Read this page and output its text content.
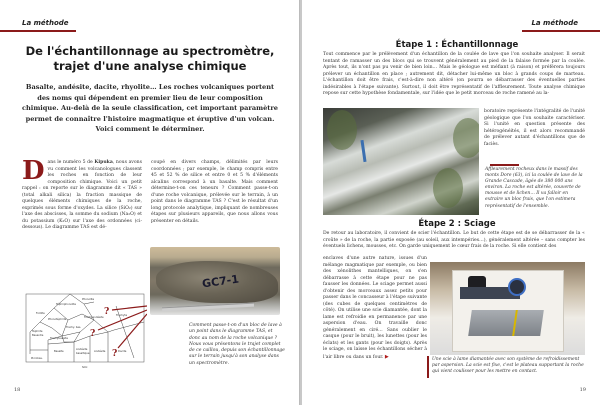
La méthode
De l'échantillonnage au spectromètre,
trajet d'une analyse chimique
Basalte, andésite, dacite, rhyolite… Les roches volcaniques portent des noms qui dépendent en premier lieu de leur composition chimique. Au-delà de la seule classification, cet important paramètre permet de connaître l'histoire magmatique et éruptive d'un volcan.
Voici comment le déterminer.
Dans le numéro 5 de Kipuka, nous avons vu comment les volcanologues classent les roches en fonction de leur composition chimique. Voici un petit rappel : on reporte sur le diagramme dit « TAS » (total alkali silica) la fraction massique de quelques éléments chimiques de la roche, exprimés sous forme d'oxydes. La silice (SiO₂) sur l'axe des abscisses, la somme du sodium (Na₂O) et du potassium (K₂O) sur l'axe des ordonnées (ci-dessous). Le diagramme TAS est dé-
coupé en divers champs, délimités par leurs coordonnées ; par exemple, le champ compris entre 45 et 52 % de silice et entre 0 et 5 % d'éléments alcalins correspond à un basalte. Mais comment détermine-t-on ces teneurs ? Comment passe-t-on d'une roche volcanique, prélevée sur le terrain, à un point dans le diagramme TAS ? C'est le résultat d'un long protocole analytique, impliquant de nombreuses étapes sur plusieurs appareils, que nous allons vous présenter en détails.
GC7-1
Foïdite
Téphriphonolite
Phonolite
Phonotéphrite
Trachyandésite
Téphrite
Basanite
Trachy. bas.
Trachybasalte
Trachyte
Picrobas.
Basalte
Andésite
basaltique
Andésite	Dacite
SiO₂
?
?
?
Comment passe-t-on d'un bloc de lave à un point dans le diagramme TAS, et donc au nom de la roche volcanique ? Nous vous présentons le trajet complet de ce caillou, depuis son échantillonnage sur le terrain jusqu'à son analyse dans un spectromètre.
18
La méthode
Étape 1 : Échantillonnage
Tout commence par le prélèvement d'un échantillon de la coulée de lave que l'on souhaite analyser. Il serait tentant de ramasser un des blocs qui se trouvent généralement au pied de la falaise formée par la coulée. Après tout, ils n'ont pas pu venir de bien loin… Mais le géologue est méfiant (à raison) et préférera toujours prélever un échantillon en place ; autrement dit, détacher lui-même un bloc à grands coups de marteau. L'échantillon doit être frais, c'est-à-dire non altéré (on pourra se débarrasser des éventuelles parties indésirables à l'étape suivante). Surtout, il doit être représentatif de l'affleurement. Toute analyse chimique repose sur cette hypothèse fondamentale, sur l'idée que le petit morceau de roche ramené au la-
boratoire représente l'intégralité de l'unité géologique que l'on souhaite caractériser. Si l'unité en question présente des hétérogénéités, il est alors recommandé de prélever autant d'échantillons que de faciès.
Affleurement rocheux dans le massif des monts Dore (63), ici la coulée de lave de la Grande Cascade, âgée de 380 000 ans environ. La roche est altérée, couverte de mousse et de lichen… Il va falloir en extraire un bloc frais, que l'on estimera représentatif de l'ensemble.
Étape 2 : Sciage
De retour au laboratoire, il convient de scier l'échantillon. Le but de cette étape est de se débarrasser de la « croûte » de la roche, la partie exposée (au soleil, aux intempéries…), généralement altérée – sans compter les éventuels lichens, mousses, etc. On garde uniquement le cœur frais de la roche. Si elle contient des
enclaves d'une autre nature, issues d'un mélange magmatique par exemple, ou bien des xénolithes mantelliques, on s'en débarrasse à cette étape pour ne pas fausser les données. Le sciage permet aussi d'obtenir des morceaux assez petits pour passer dans le concasseur à l'étape suivante (des cubes de quelques centimètres de côté). On utilise une scie diamantée, dont la lame est refroidie en permanence par une aspersion d'eau. On travaille donc généralement en ciré… Sans oublier le casque (pour le bruit), les lunettes (pour les éclats) et les gants (pour les doigts). Après le sciage, on laisse les échantillons sécher à l'air libre ou dans un four. ▶	Une scie à lame diamantée avec son système de refroidissement par aspersion. La scie est fixe, c'est le plateau supportant la roche qui vient coulisser pour les mettre en contact.
19
